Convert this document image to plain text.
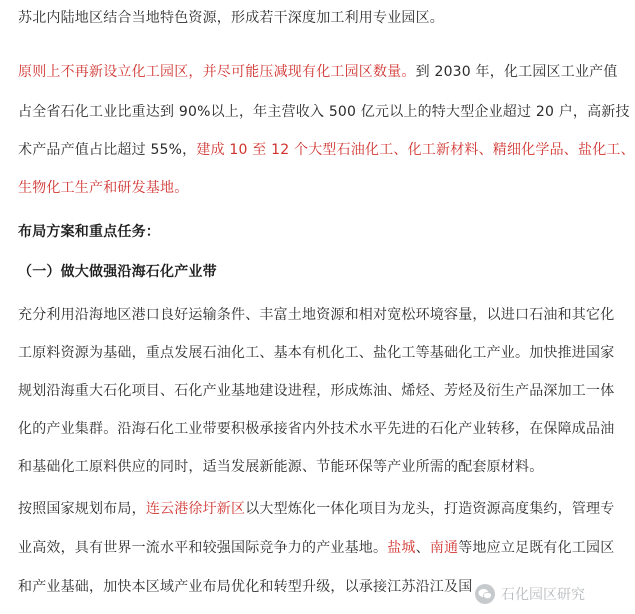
苏北内陆地区结合当地特色资源，形成若干深度加工利用专业园区。
原则上不再新设立化工园区，并尽可能压减现有化工园区数量。到 2030 年，化工园区工业产值
占全省石化工业比重达到 90%以上，年主营收入 500 亿元以上的特大型企业超过 20 户，高新技
术产品产值占比超过 55%，建成 10 至 12 个大型石油化工、化工新材料、精细化学品、盐化工、
生物化工生产和研发基地。
布局方案和重点任务：
（一）做大做强沿海石化产业带
充分利用沿海地区港口良好运输条件、丰富土地资源和相对宽松环境容量，以进口石油和其它化
工原料资源为基础，重点发展石油化工、基本有机化工、盐化工等基础化工产业。加快推进国家
规划沿海重大石化项目、石化产业基地建设进程，形成炼油、烯烃、芳烃及衍生产品深加工一体
化的产业集群。沿海石化工业带要积极承接省内外技术水平先进的石化产业转移，在保障成品油
和基础化工原料供应的同时，适当发展新能源、节能环保等产业所需的配套原材料。
按照国家规划布局，连云港徐圩新区以大型炼化一体化项目为龙头，打造资源高度集约，管理专
业高效，具有世界一流水平和较强国际竞争力的产业基地。盐城、南通等地应立足既有化工园区
和产业基础，加快本区域产业布局优化和转型升级，以承接江苏沿江及国 石化园区研究
